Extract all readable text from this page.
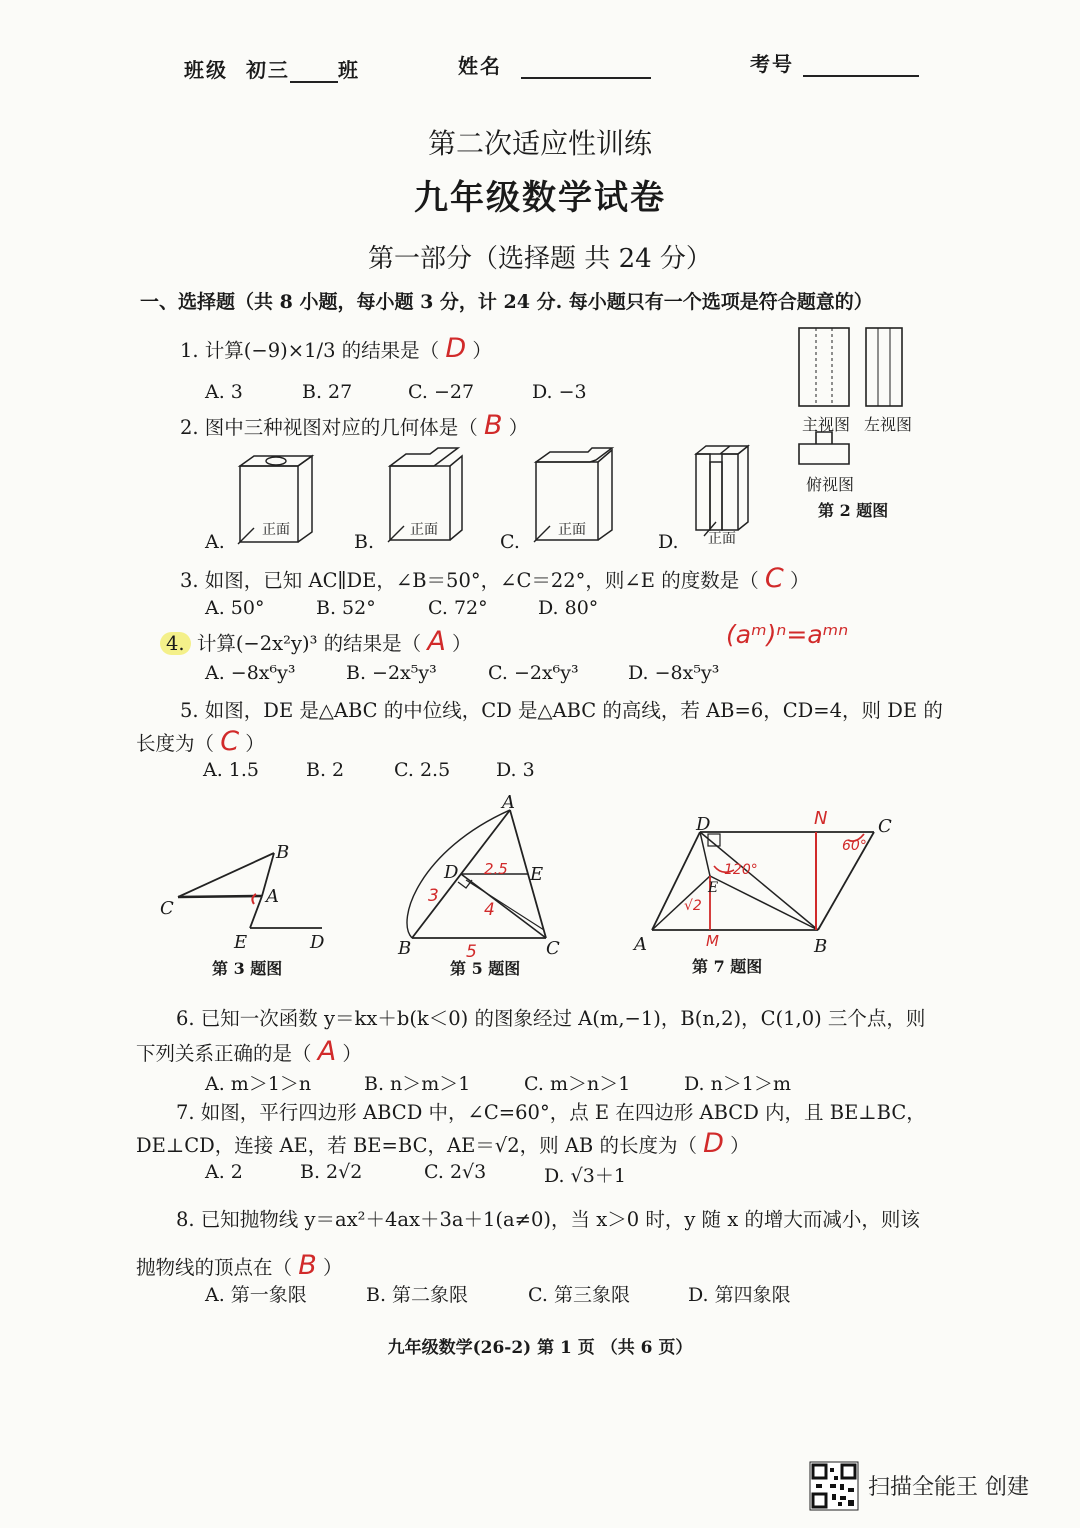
班级 初三 班	姓名	考号
第二次适应性训练
九年级数学试卷
第一部分（选择题 共 24 分）
一、选择题（共 8 小题，每小题 3 分，计 24 分. 每小题只有一个选项是符合题意的）
1. 计算(−9)×1/3 的结果是（ D ）
A. 3	B. 27	C. −27	D. −3
2. 图中三种视图对应的几何体是（ B ）	主视图 左视图
俯视图
第 2 题图
正面	正面	正面
正面
A.	B.	C.	D.
3. 如图，已知 AC∥DE，∠B＝50°，∠C＝22°，则∠E 的度数是（ C ）
A. 50°	B. 52°	C. 72°	D. 80°
4. 计算(−2x²y)³ 的结果是（ A ）	(aᵐ)ⁿ=aᵐⁿ
A. −8x⁶y³	B. −2x⁵y³	C. −2x⁶y³	D. −8x⁵y³
5. 如图，DE 是△ABC 的中位线，CD 是△ABC 的高线，若 AB=6，CD=4，则 DE 的
长度为（ C ）
A. 1.5 B. 2	C. 2.5 D. 3
B
C
A
E	D
第 3 题图
A
D	E
B	C
2.5
3
4
5
第 5 题图
D	N	C
A	M	B
E
120°
60°
√2
第 7 题图
6. 已知一次函数 y＝kx＋b(k＜0) 的图象经过 A(m,−1)，B(n,2)，C(1,0) 三个点，则
下列关系正确的是（ A ）
A. m＞1＞n	B. n＞m＞1	C. m＞n＞1	D. n＞1＞m
7. 如图，平行四边形 ABCD 中，∠C=60°，点 E 在四边形 ABCD 内，且 BE⊥BC，
DE⊥CD，连接 AE，若 BE=BC，AE＝√2，则 AB 的长度为（ D ）
A. 2	B. 2√2	C. 2√3	D. √3＋1
8. 已知抛物线 y＝ax²＋4ax＋3a＋1(a≠0)，当 x＞0 时，y 随 x 的增大而减小，则该
抛物线的顶点在（ B ）
A. 第一象限	B. 第二象限	C. 第三象限	D. 第四象限
九年级数学(26-2) 第 1 页 （共 6 页）
扫描全能王 创建
